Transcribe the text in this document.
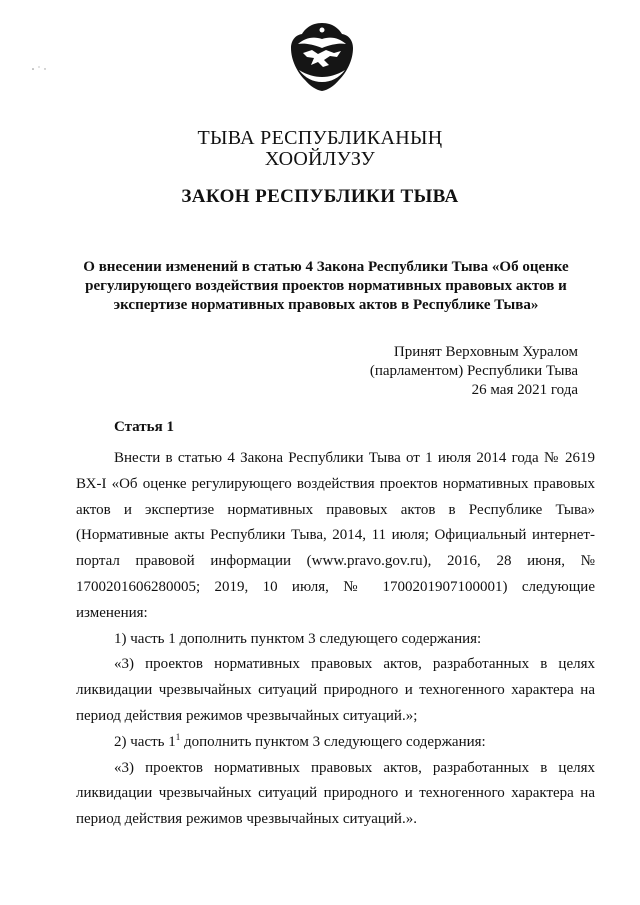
ТЫВА РЕСПУБЛИКАНЫҢ
ХООЙЛУЗУ
ЗАКОН РЕСПУБЛИКИ ТЫВА
О внесении изменений в статью 4 Закона Республики Тыва «Об оценке
регулирующего воздействия проектов нормативных правовых актов и
экспертизе нормативных правовых актов в Республике Тыва»
Принят Верховным Хуралом
(парламентом) Республики Тыва
26 мая 2021 года
Статья 1

Внести в статью 4 Закона Республики Тыва от 1 июля 2014 года № 2619 ВХ-I «Об оценке регулирующего воздействия проектов нормативных правовых актов и экспертизе нормативных правовых актов в Республике Тыва» (Нормативные акты Республики Тыва, 2014, 11 июля; Официальный интернет-портал правовой информации (www.pravo.gov.ru), 2016, 28 июня, № 1700201606280005; 2019, 10 июля, № 1700201907100001) следующие изменения:

1) часть 1 дополнить пунктом 3 следующего содержания:

«3) проектов нормативных правовых актов, разработанных в целях ликвидации чрезвычайных ситуаций природного и техногенного характера на период действия режимов чрезвычайных ситуаций.»;

2) часть $1^1$ дополнить пунктом 3 следующего содержания:

«3) проектов нормативных правовых актов, разработанных в целях ликвидации чрезвычайных ситуаций природного и техногенного характера на период действия режимов чрезвычайных ситуаций.».
